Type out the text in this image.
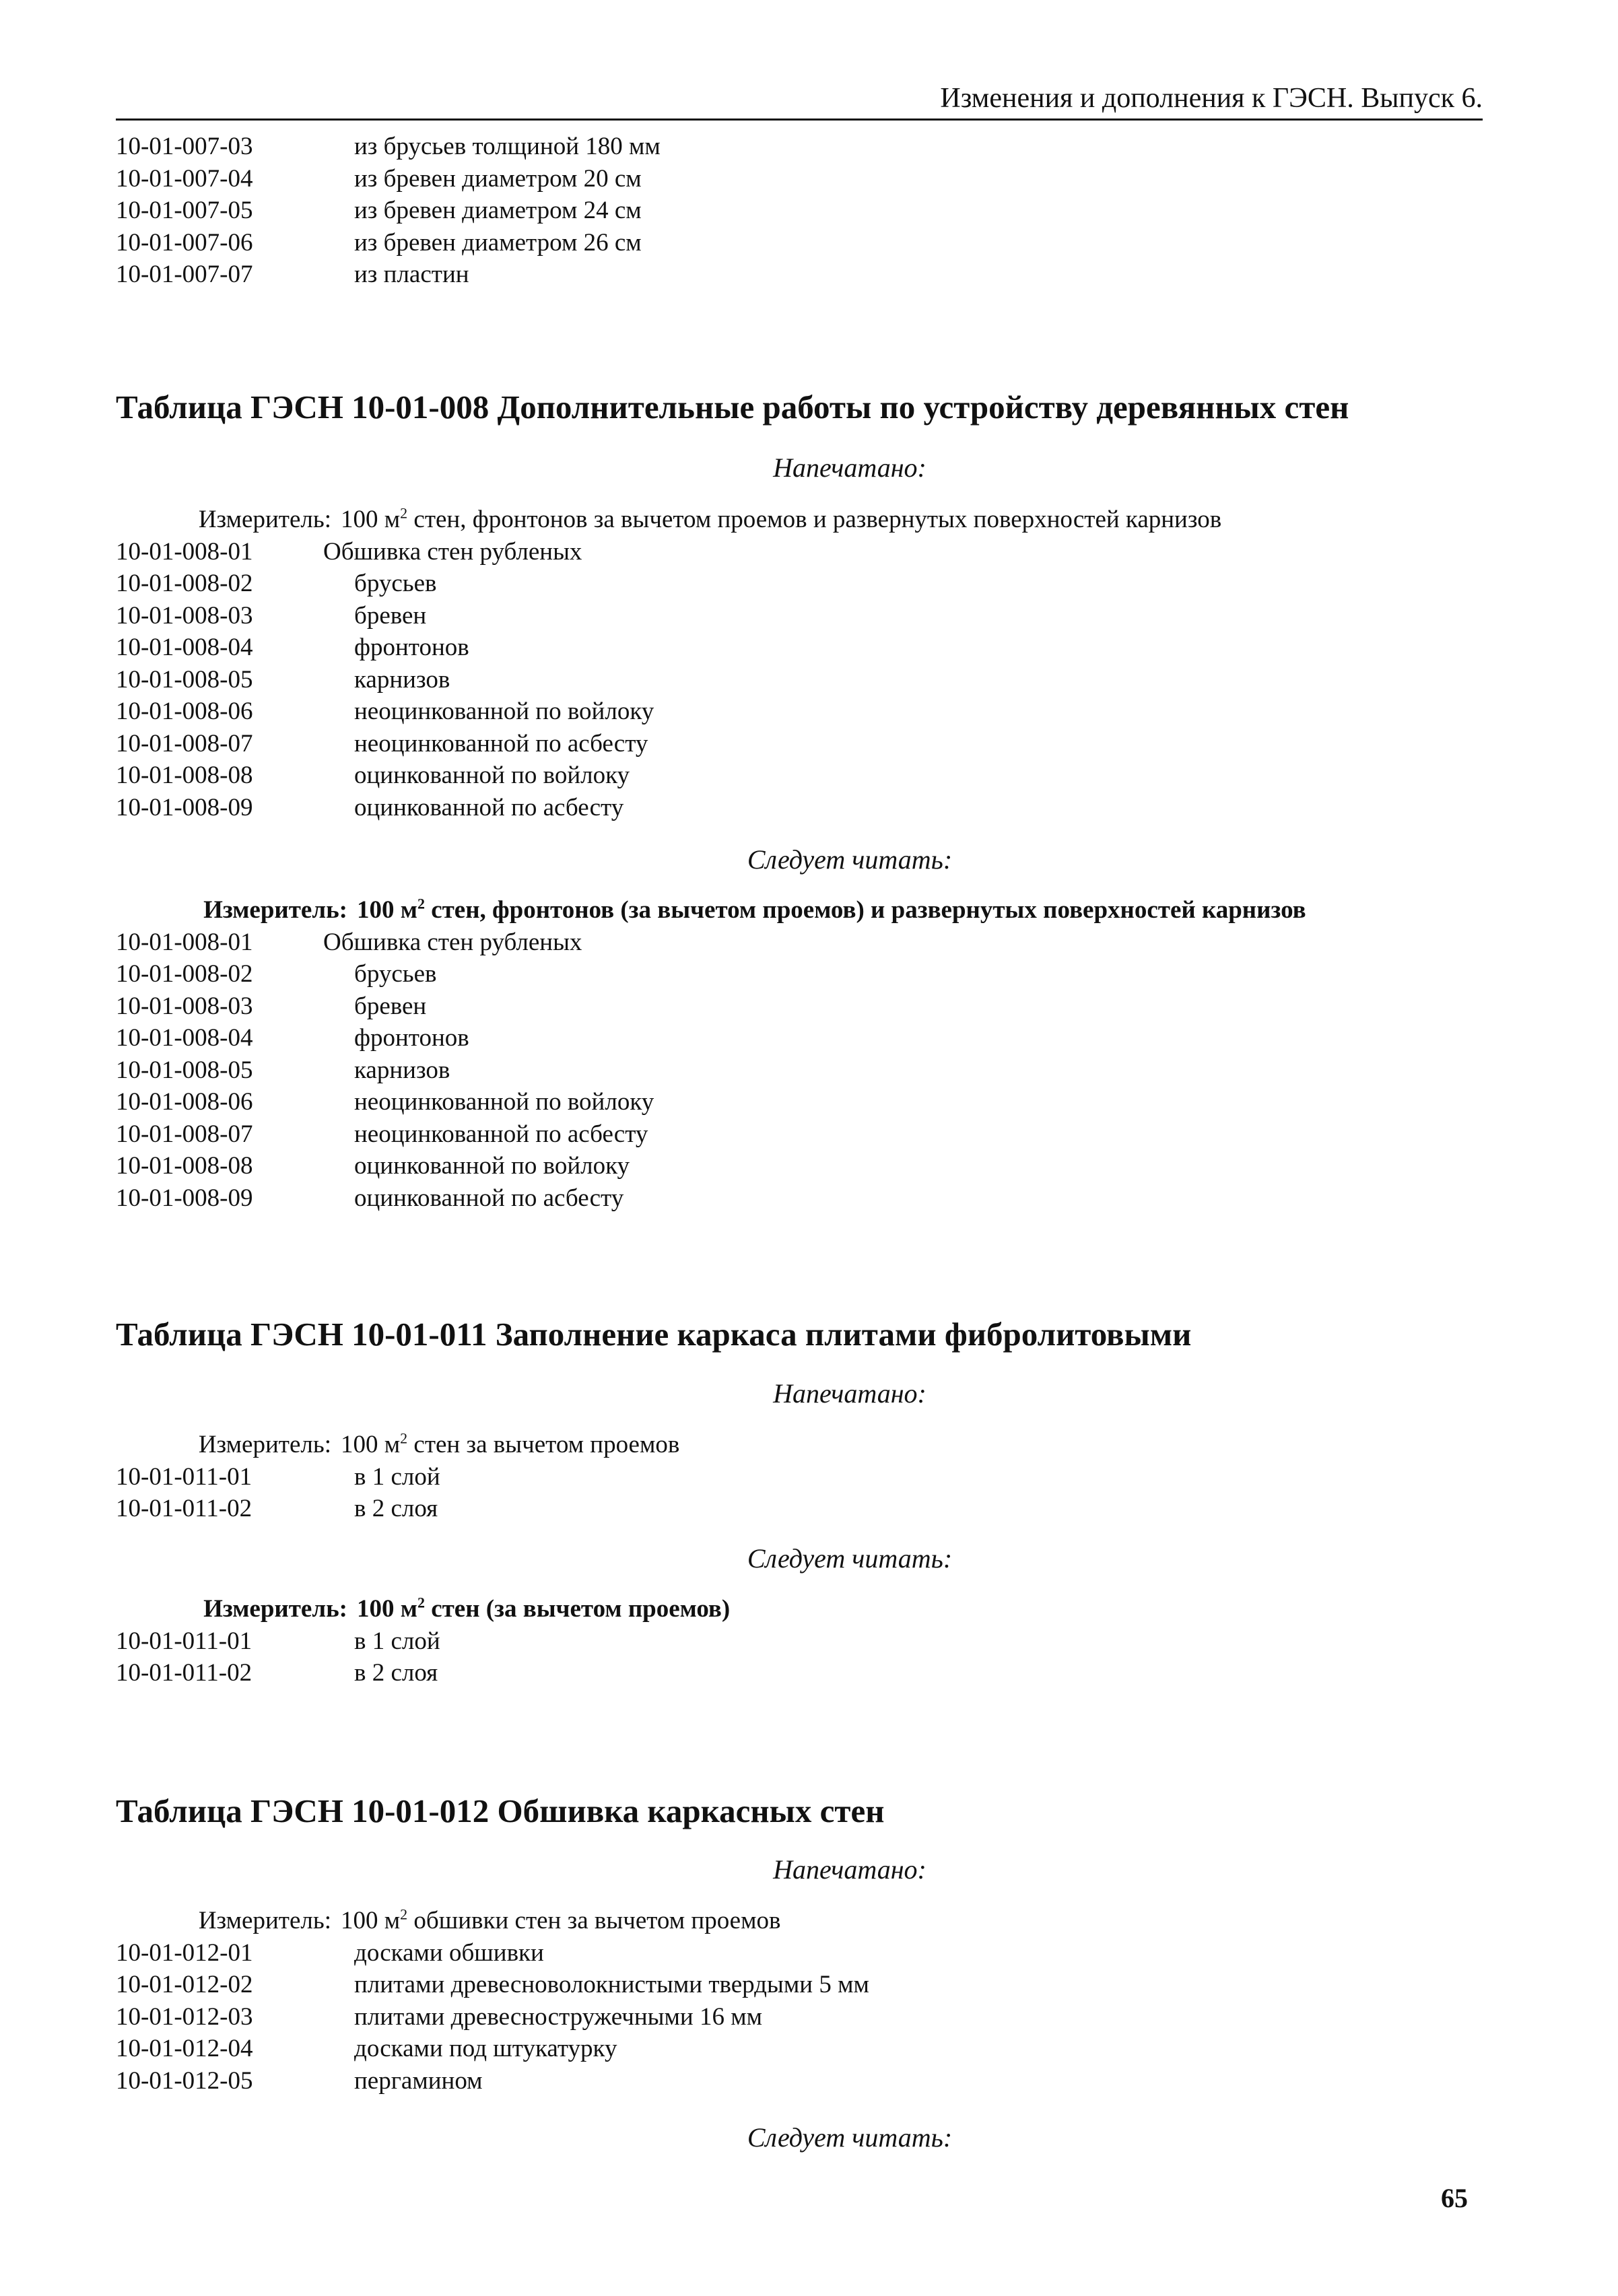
Изменения и дополнения к ГЭСН. Выпуск 6.
10-01-007-03	из брусьев толщиной 180 мм
10-01-007-04	из бревен диаметром 20 см
10-01-007-05	из бревен диаметром 24 см
10-01-007-06	из бревен диаметром 26 см
10-01-007-07	из пластин
Таблица ГЭСН 10-01-008 Дополнительные работы по устройству деревянных стен
Напечатано:
Измеритель: 100 $м^2$ стен, фронтонов за вычетом проемов и развернутых поверхностей карнизов
10-01-008-01	Обшивка стен рубленых
10-01-008-02	брусьев
10-01-008-03	бревен
10-01-008-04	фронтонов
10-01-008-05	карнизов
10-01-008-06	неоцинкованной по войлоку
10-01-008-07	неоцинкованной по асбесту
10-01-008-08	оцинкованной по войлоку
10-01-008-09	оцинкованной по асбесту
Следует читать:
Измеритель: 100 $м^2$ стен, фронтонов (за вычетом проемов) и развернутых поверхностей карнизов
10-01-008-01	Обшивка стен рубленых
10-01-008-02	брусьев
10-01-008-03	бревен
10-01-008-04	фронтонов
10-01-008-05	карнизов
10-01-008-06	неоцинкованной по войлоку
10-01-008-07	неоцинкованной по асбесту
10-01-008-08	оцинкованной по войлоку
10-01-008-09	оцинкованной по асбесту
Таблица ГЭСН 10-01-011 Заполнение каркаса плитами фибролитовыми
Напечатано:
Измеритель: 100 $м^2$ стен за вычетом проемов
10-01-011-01	в 1 слой
10-01-011-02	в 2 слоя
Следует читать:
Измеритель: 100 $м^2$ стен (за вычетом проемов)
10-01-011-01	в 1 слой
10-01-011-02	в 2 слоя
Таблица ГЭСН 10-01-012 Обшивка каркасных стен
Напечатано:
Измеритель: 100 $м^2$ обшивки стен за вычетом проемов
10-01-012-01	досками обшивки
10-01-012-02	плитами древесноволокнистыми твердыми 5 мм
10-01-012-03	плитами древесностружечными 16 мм
10-01-012-04	досками под штукатурку
10-01-012-05	пергамином
Следует читать:
65
